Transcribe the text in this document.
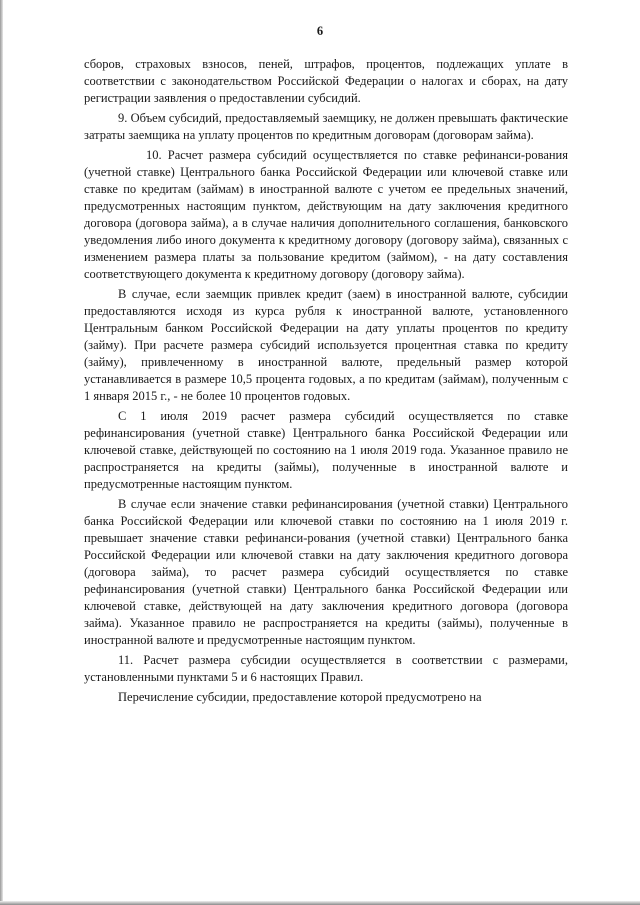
6

сборов, страховых взносов, пеней, штрафов, процентов, подлежащих уплате в соответствии с законодательством Российской Федерации о налогах и сборах, на дату регистрации заявления о предоставлении субсидий.

9. Объем субсидий, предоставляемый заемщику, не должен превышать фактические затраты заемщика на уплату процентов по кредитным договорам (договорам займа).

10. Расчет размера субсидий осуществляется по ставке рефинанси-рования (учетной ставке) Центрального банка Российской Федерации или ключевой ставке или ставке по кредитам (займам) в иностранной валюте с учетом ее предельных значений, предусмотренных настоящим пунктом, действующим на дату заключения кредитного договора (договора займа), а в случае наличия дополнительного соглашения, банковского уведомления либо иного документа к кредитному договору (договору займа), связанных с изменением размера платы за пользование кредитом (займом), - на дату составления соответствующего документа к кредитному договору (договору займа).

В случае, если заемщик привлек кредит (заем) в иностранной валюте, субсидии предоставляются исходя из курса рубля к иностранной валюте, установленного Центральным банком Российской Федерации на дату уплаты процентов по кредиту (займу). При расчете размера субсидий используется процентная ставка по кредиту (займу), привлеченному в иностранной валюте, предельный размер которой устанавливается в размере 10,5 процента годовых, а по кредитам (займам), полученным с 1 января 2015 г., - не более 10 процентов годовых.

С 1 июля 2019 расчет размера субсидий осуществляется по ставке рефинансирования (учетной ставке) Центрального банка Российской Федерации или ключевой ставке, действующей по состоянию на 1 июля 2019 года. Указанное правило не распространяется на кредиты (займы), полученные в иностранной валюте и предусмотренные настоящим пунктом.

В случае если значение ставки рефинансирования (учетной ставки) Центрального банка Российской Федерации или ключевой ставки по состоянию на 1 июля 2019 г. превышает значение ставки рефинанси-рования (учетной ставки) Центрального банка Российской Федерации или ключевой ставки на дату заключения кредитного договора (договора займа), то расчет размера субсидий осуществляется по ставке рефинансирования (учетной ставки) Центрального банка Российской Федерации или ключевой ставке, действующей на дату заключения кредитного договора (договора займа). Указанное правило не распространяется на кредиты (займы), полученные в иностранной валюте и предусмотренные настоящим пунктом.

11. Расчет размера субсидии осуществляется в соответствии с размерами, установленными пунктами 5 и 6 настоящих Правил.

Перечисление субсидии, предоставление которой предусмотрено на
